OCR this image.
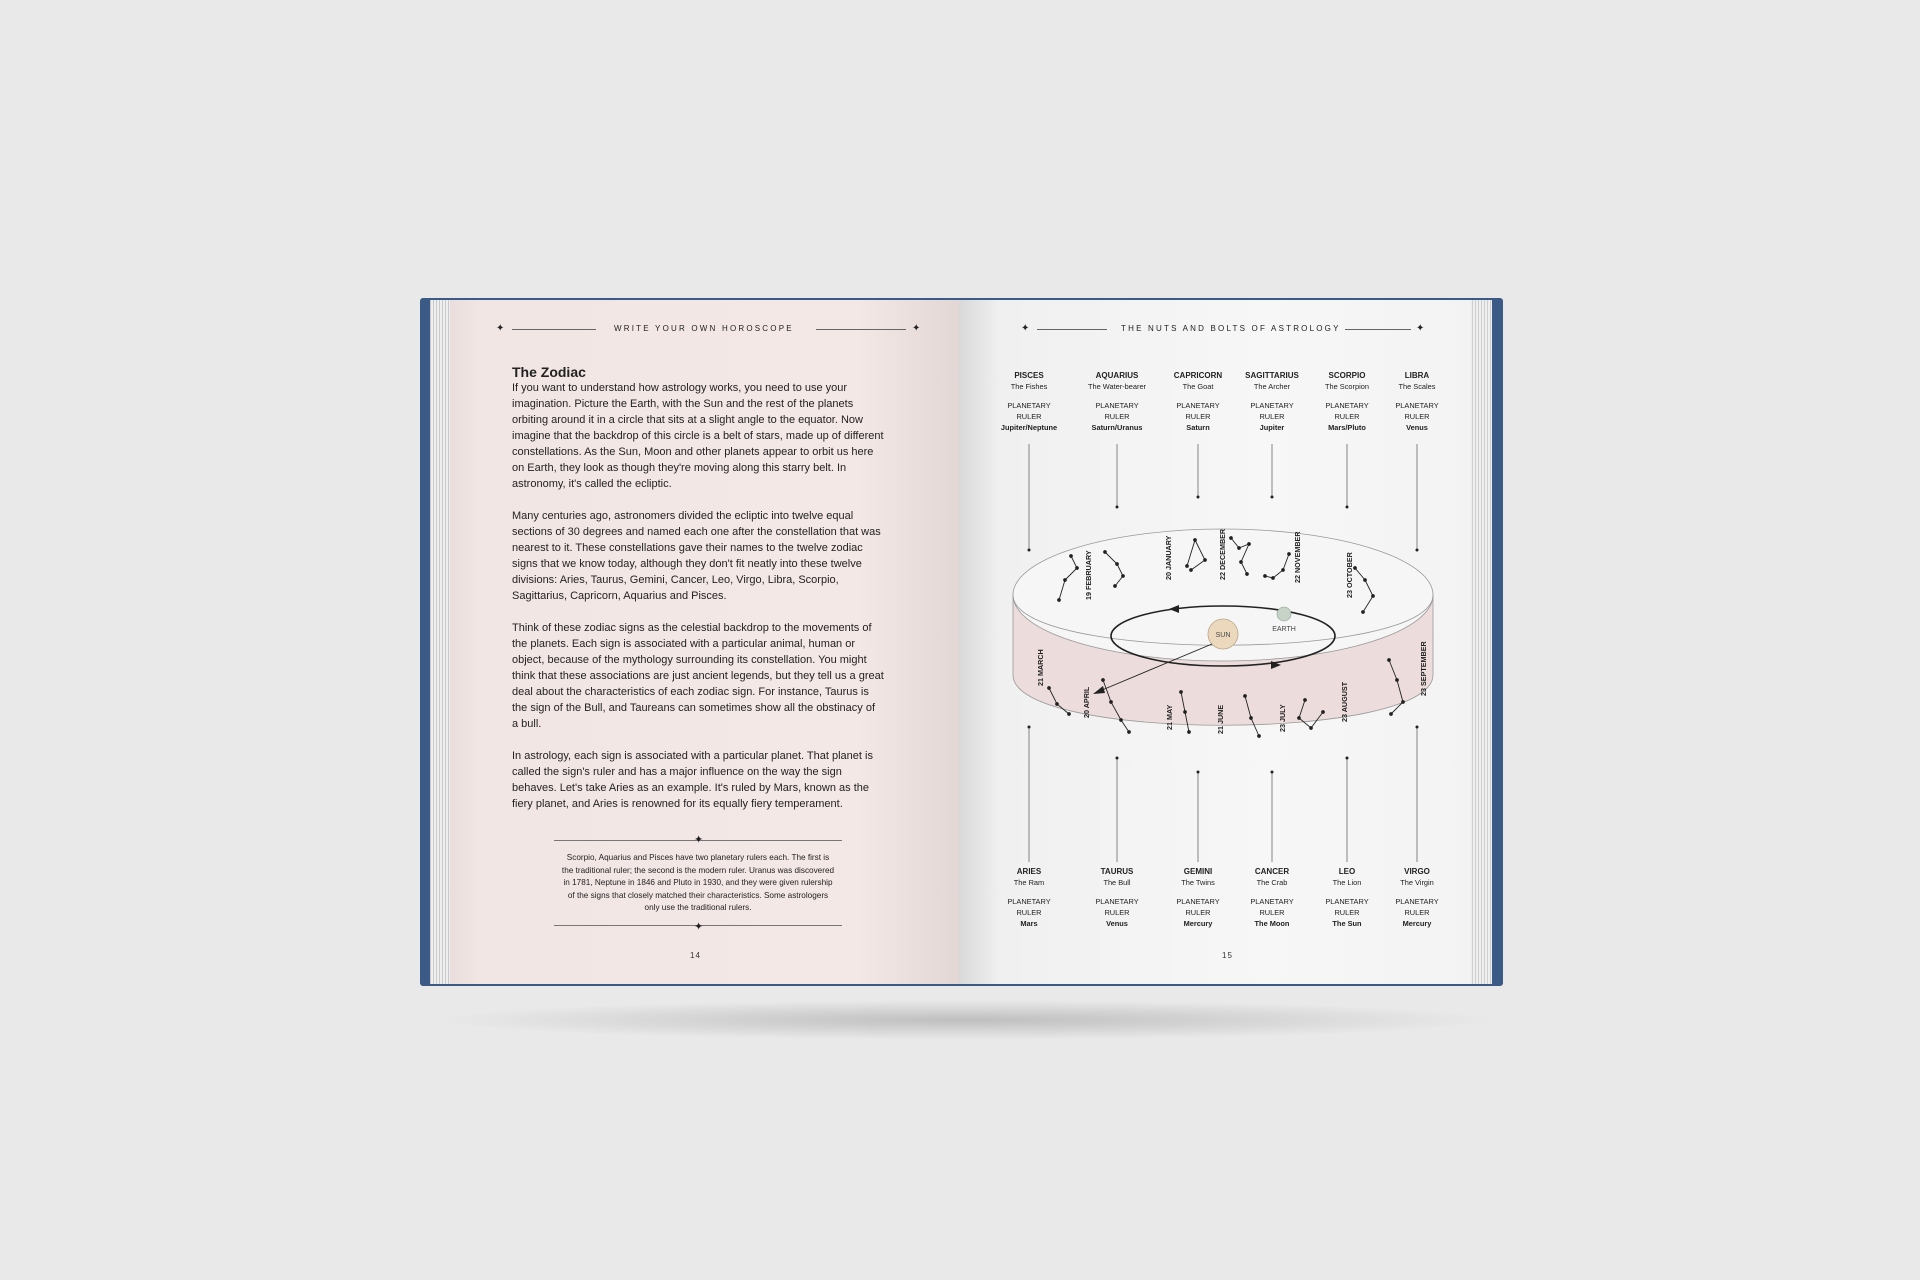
✦	WRITE YOUR OWN HOROSCOPE	✦
The Zodiac

If you want to understand how astrology works, you need to use your imagination. Picture the Earth, with the Sun and the rest of the planets orbiting around it in a circle that sits at a slight angle to the equator. Now imagine that the backdrop of this circle is a belt of stars, made up of different constellations. As the Sun, Moon and other planets appear to orbit us here on Earth, they look as though they're moving along this starry belt. In astronomy, it's called the ecliptic.

Many centuries ago, astronomers divided the ecliptic into twelve equal sections of 30 degrees and named each one after the constellation that was nearest to it. These constellations gave their names to the twelve zodiac signs that we know today, although they don't fit neatly into these twelve divisions: Aries, Taurus, Gemini, Cancer, Leo, Virgo, Libra, Scorpio, Sagittarius, Capricorn, Aquarius and Pisces.

Think of these zodiac signs as the celestial backdrop to the movements of the planets. Each sign is associated with a particular animal, human or object, because of the mythology surrounding its constellation. You might think that these associations are just ancient legends, but they tell us a great deal about the characteristics of each zodiac sign. For instance, Taurus is the sign of the Bull, and Taureans can sometimes show all the obstinacy of a bull.

In astrology, each sign is associated with a particular planet. That planet is called the sign's ruler and has a major influence on the way the sign behaves. Let's take Aries as an example. It's ruled by Mars, known as the fiery planet, and Aries is renowned for its equally fiery temperament.

✦
Scorpio, Aquarius and Pisces have two planetary rulers each. The first is the traditional ruler; the second is the modern ruler. Uranus was discovered in 1781, Neptune in 1846 and Pluto in 1930, and they were given rulership of the signs that closely matched their characteristics. Some astrologers only use the traditional rulers.
✦
14
✦	THE NUTS AND BOLTS OF ASTROLOGY	✦
SUN
EARTH
19 FEBRUARY	20 JANUARY	22 DECEMBER	22 NOVEMBER	23 OCTOBER
21 MARCH
20 APRIL	21 MAY	21 JUNE	23 JULY	23 AUGUST
23 SEPTEMBER
PISCES
The Fishes
PLANETARY
RULER
Jupiter/Neptune
AQUARIUS
The Water-bearer
PLANETARY
RULER
Saturn/Uranus
CAPRICORN
The Goat
PLANETARY
RULER
Saturn
SAGITTARIUS
The Archer
PLANETARY
RULER
Jupiter
SCORPIO
The Scorpion
PLANETARY
RULER
Mars/Pluto
LIBRA
The Scales
PLANETARY
RULER
Venus
ARIES
The Ram
PLANETARY
RULER
Mars
TAURUS
The Bull
PLANETARY
RULER
Venus
GEMINI
The Twins
PLANETARY
RULER
Mercury
CANCER
The Crab
PLANETARY
RULER
The Moon
LEO
The Lion
PLANETARY
RULER
The Sun
VIRGO
The Virgin
PLANETARY
RULER
Mercury
15
